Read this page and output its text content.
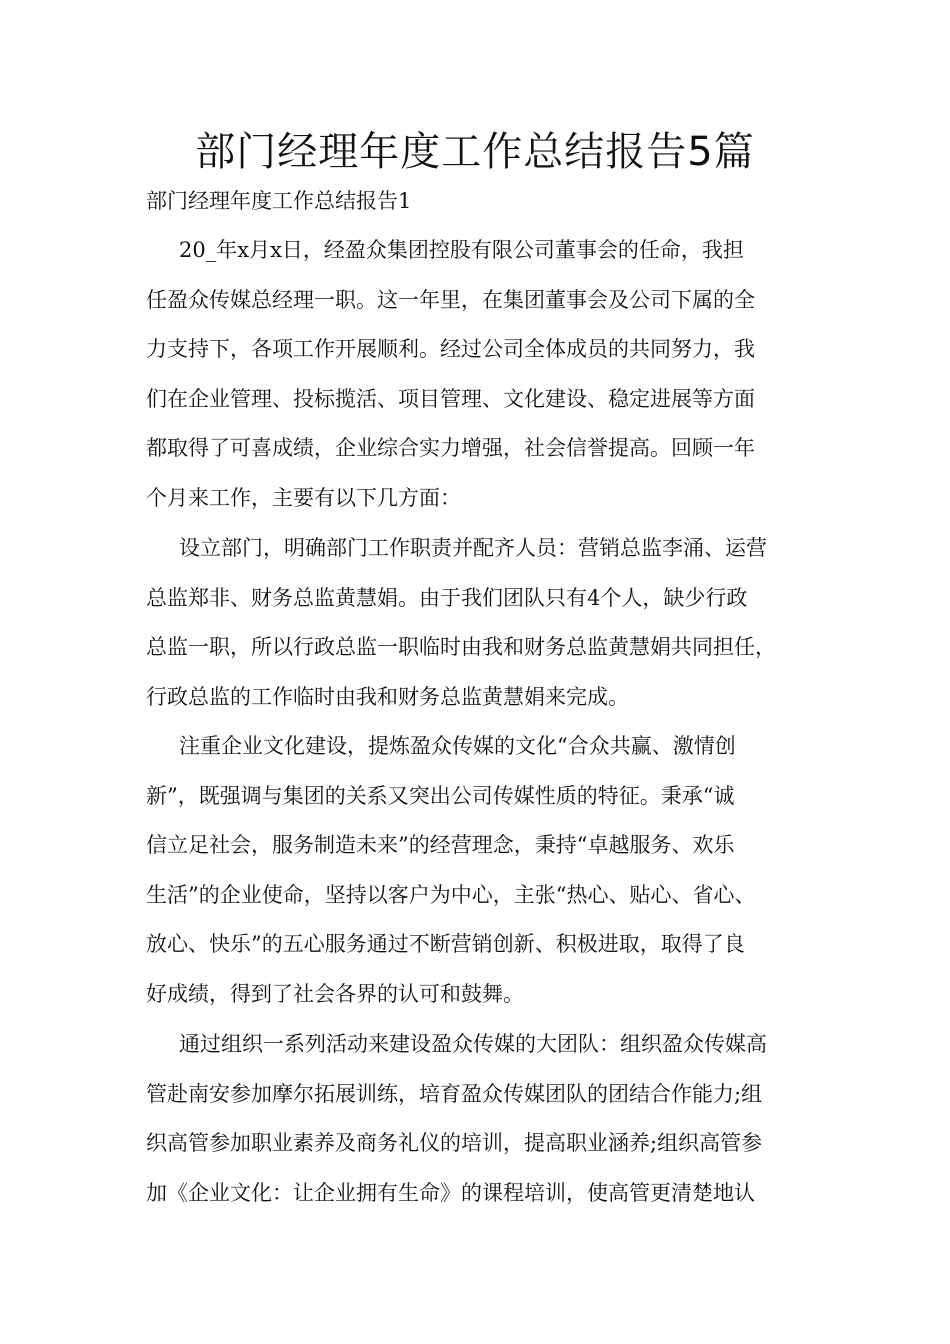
部门经理年度工作总结报告5篇
部门经理年度工作总结报告1
20_年x月x日，经盈众集团控股有限公司董事会的任命，我担
任盈众传媒总经理一职。这一年里，在集团董事会及公司下属的全
力支持下，各项工作开展顺利。经过公司全体成员的共同努力，我
们在企业管理、投标揽活、项目管理、文化建设、稳定进展等方面
都取得了可喜成绩，企业综合实力增强，社会信誉提高。回顾一年
个月来工作，主要有以下几方面：
设立部门，明确部门工作职责并配齐人员：营销总监李涌、运营
总监郑非、财务总监黄慧娟。由于我们团队只有4个人，缺少行政
总监一职，所以行政总监一职临时由我和财务总监黄慧娟共同担任，
行政总监的工作临时由我和财务总监黄慧娟来完成。
注重企业文化建设，提炼盈众传媒的文化“合众共赢、激情创
新”，既强调与集团的关系又突出公司传媒性质的特征。秉承“诚
信立足社会，服务制造未来”的经营理念，秉持“卓越服务、欢乐
生活”的企业使命，坚持以客户为中心，主张“热心、贴心、省心、
放心、快乐”的五心服务通过不断营销创新、积极进取，取得了良
好成绩，得到了社会各界的认可和鼓舞。
通过组织一系列活动来建设盈众传媒的大团队：组织盈众传媒高
管赴南安参加摩尔拓展训练，培育盈众传媒团队的团结合作能力;组
织高管参加职业素养及商务礼仪的培训，提高职业涵养;组织高管参
加《企业文化：让企业拥有生命》的课程培训，使高管更清楚地认
